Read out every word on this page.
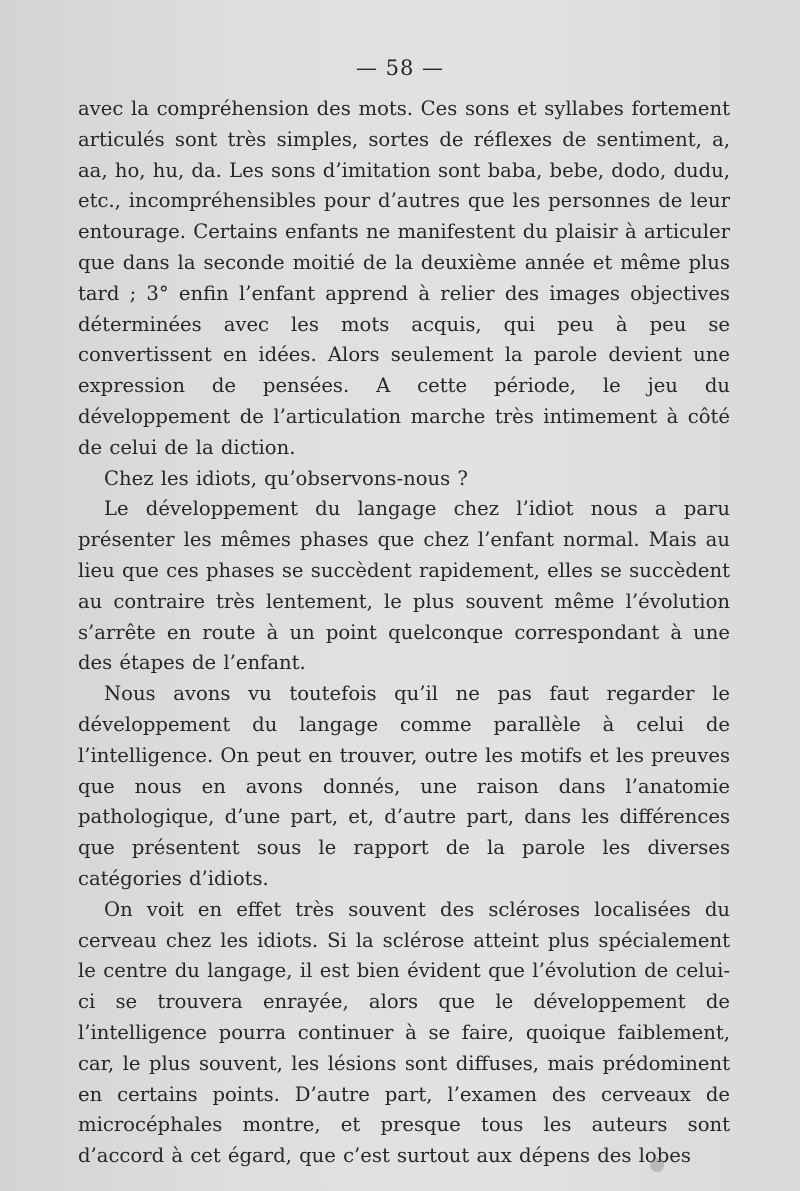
— 58 —

avec la compréhension des mots. Ces sons et syllabes fortement articulés sont très simples, sortes de réflexes de sentiment, a, aa, ho, hu, da. Les sons d’imitation sont baba, bebe, dodo, dudu, etc., incompréhensibles pour d’autres que les personnes de leur entourage. Certains enfants ne manifestent du plaisir à articuler que dans la seconde moitié de la deuxième année et même plus tard ; 3° enfin l’enfant apprend à relier des images objectives déterminées avec les mots acquis, qui peu à peu se convertissent en idées. Alors seulement la parole devient une expression de pensées. A cette période, le jeu du développement de l’articulation marche très intimement à côté de celui de la diction.

Chez les idiots, qu’observons-nous ?

Le développement du langage chez l’idiot nous a paru présenter les mêmes phases que chez l’enfant normal. Mais au lieu que ces phases se succèdent rapidement, elles se succèdent au contraire très lentement, le plus souvent même l’évolution s’arrête en route à un point quelconque correspondant à une des étapes de l’enfant.

Nous avons vu toutefois qu’il ne pas faut regarder le développement du langage comme parallèle à celui de l’intelligence. On peut en trouver, outre les motifs et les preuves que nous en avons donnés, une raison dans l’anatomie pathologique, d’une part, et, d’autre part, dans les différences que présentent sous le rapport de la parole les diverses catégories d’idiots.

On voit en effet très souvent des scléroses localisées du cerveau chez les idiots. Si la sclérose atteint plus spécialement le centre du langage, il est bien évident que l’évolution de celui-ci se trouvera enrayée, alors que le développement de l’intelligence pourra continuer à se faire, quoique faiblement, car, le plus souvent, les lésions sont diffuses, mais prédominent en certains points. D’autre part, l’examen des cerveaux de microcéphales montre, et presque tous les auteurs sont d’accord à cet égard, que c’est surtout aux dépens des lobes
